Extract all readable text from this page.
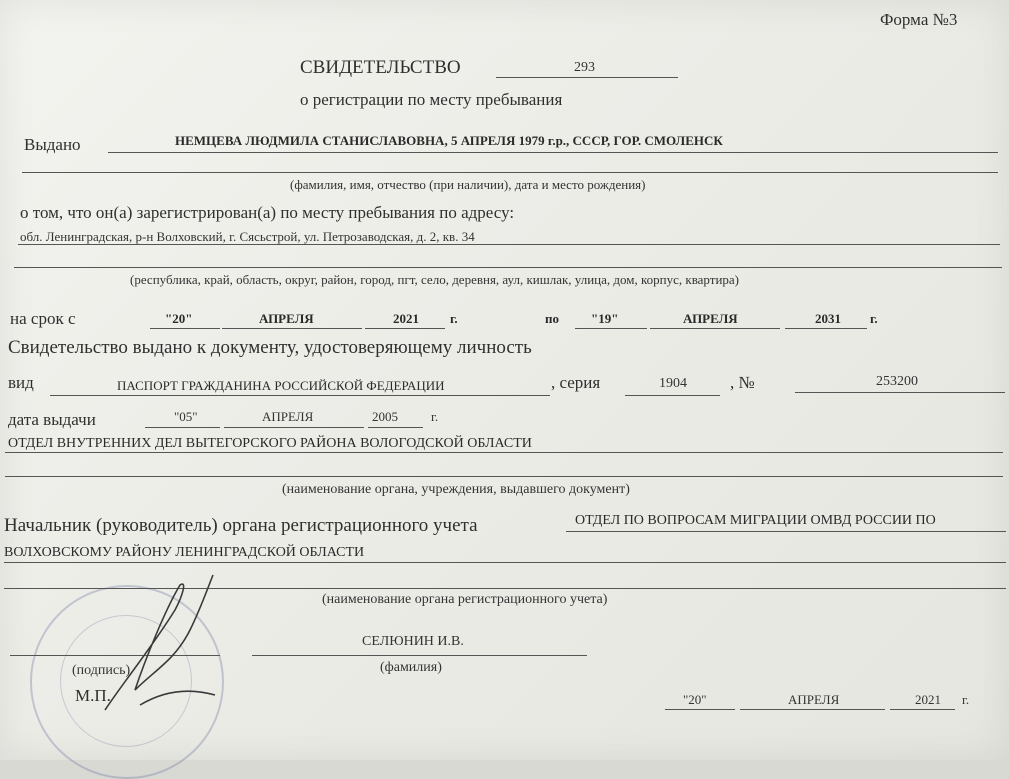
Форма №3
СВИДЕТЕЛЬСТВО	293
о регистрации по месту пребывания
Выдано	НЕМЦЕВА ЛЮДМИЛА СТАНИСЛАВОВНА, 5 АПРЕЛЯ 1979 г.р., СССР, ГОР. СМОЛЕНСК
(фамилия, имя, отчество (при наличии), дата и место рождения)
о том, что он(а) зарегистрирован(а) по месту пребывания по адресу:
обл. Ленинградская, р-н Волховский, г. Сясьстрой, ул. Петрозаводская, д. 2, кв. 34
(республика, край, область, округ, район, город, пгт, село, деревня, аул, кишлак, улица, дом, корпус, квартира)
на срок с	"20"	АПРЕЛЯ	2021 г.	по "19"	АПРЕЛЯ	2031 г.
Свидетельство выдано к документу, удостоверяющему личность
вид	ПАСПОРТ ГРАЖДАНИНА РОССИЙСКОЙ ФЕДЕРАЦИИ	, серия	1904	, №	253200
дата выдачи	"05"	АПРЕЛЯ	2005	г.
ОТДЕЛ ВНУТРЕННИХ ДЕЛ ВЫТЕГОРСКОГО РАЙОНА ВОЛОГОДСКОЙ ОБЛАСТИ
(наименование органа, учреждения, выдавшего документ)
Начальник (руководитель) органа регистрационного учета	ОТДЕЛ ПО ВОПРОСАМ МИГРАЦИИ ОМВД РОССИИ ПО
ВОЛХОВСКОМУ РАЙОНУ ЛЕНИНГРАДСКОЙ ОБЛАСТИ
(наименование органа регистрационного учета)
СЕЛЮНИН И.В.
(подпись)	(фамилия)
М.П.	"20"	АПРЕЛЯ	2021 г.
